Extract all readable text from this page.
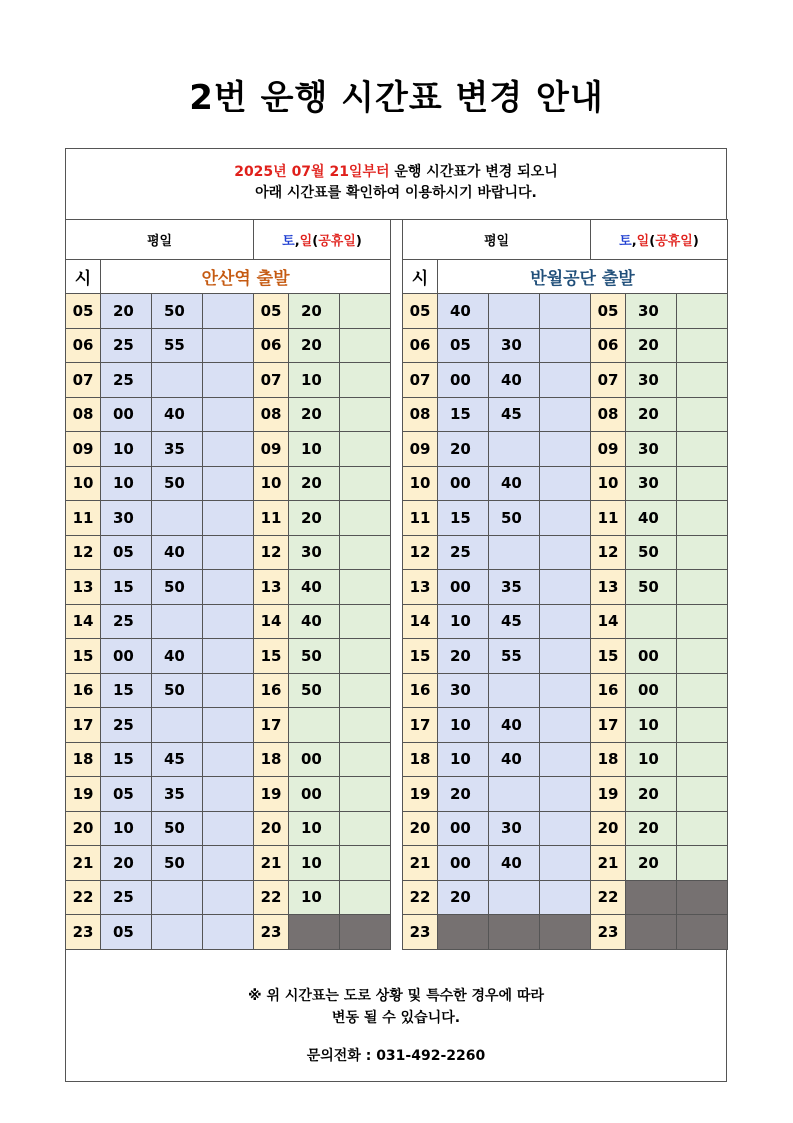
2번 운행 시간표 변경 안내
2025년 07월 21일부터 운행 시간표가 변경 되오니
아래 시간표를 확인하여 이용하시기 바랍니다.
평일				토,일(공휴일)		
시	안산역 출발					
05	20	50		05	20	
06	25	55		06	20	
07	25			07	10	
08	00	40		08	20	
09	10	35		09	10	
10	10	50		10	20	
11	30			11	20	
12	05	40		12	30	
13	15	50		13	40	
14	25			14	40	
15	00	40		15	50	
16	15	50		16	50	
17	25			17		
18	15	45		18	00	
19	05	35		19	00	
20	10	50		20	10	
21	20	50		21	10	
22	25			22	10	
23	05			23		
평일				토,일(공휴일)		
시	반월공단 출발					
05	40			05	30	
06	05	30		06	20	
07	00	40		07	30	
08	15	45		08	20	
09	20			09	30	
10	00	40		10	30	
11	15	50		11	40	
12	25			12	50	
13	00	35		13	50	
14	10	45		14		
15	20	55		15	00	
16	30			16	00	
17	10	40		17	10	
18	10	40		18	10	
19	20			19	20	
20	00	30		20	20	
21	00	40		21	20	
22	20			22		
23				23		
※ 위 시간표는 도로 상황 및 특수한 경우에 따라
변동 될 수 있습니다.
문의전화 : 031-492-2260
